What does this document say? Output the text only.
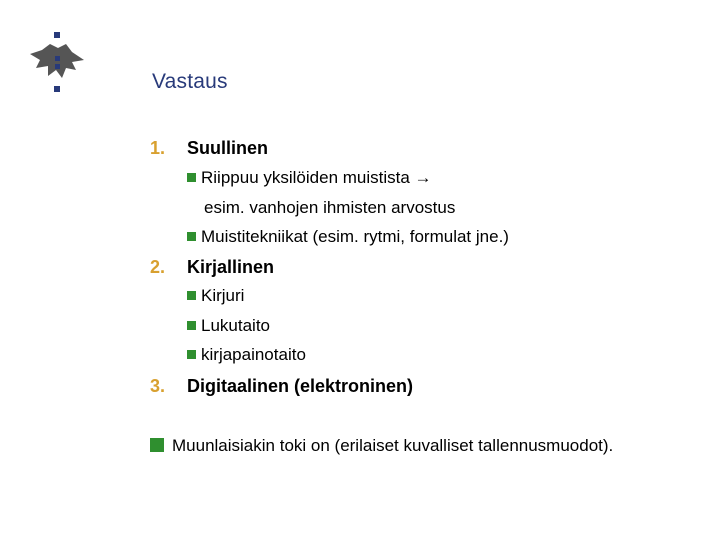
Vastaus
1. Suullinen
Riippuu yksilöiden muistista →
esim. vanhojen ihmisten arvostus
Muistitekniikat (esim. rytmi, formulat jne.)
2. Kirjallinen
Kirjuri
Lukutaito
kirjapainotaito
3. Digitaalinen (elektroninen)
Muunlaisiakin toki on (erilaiset kuvalliset tallennusmuodot).
